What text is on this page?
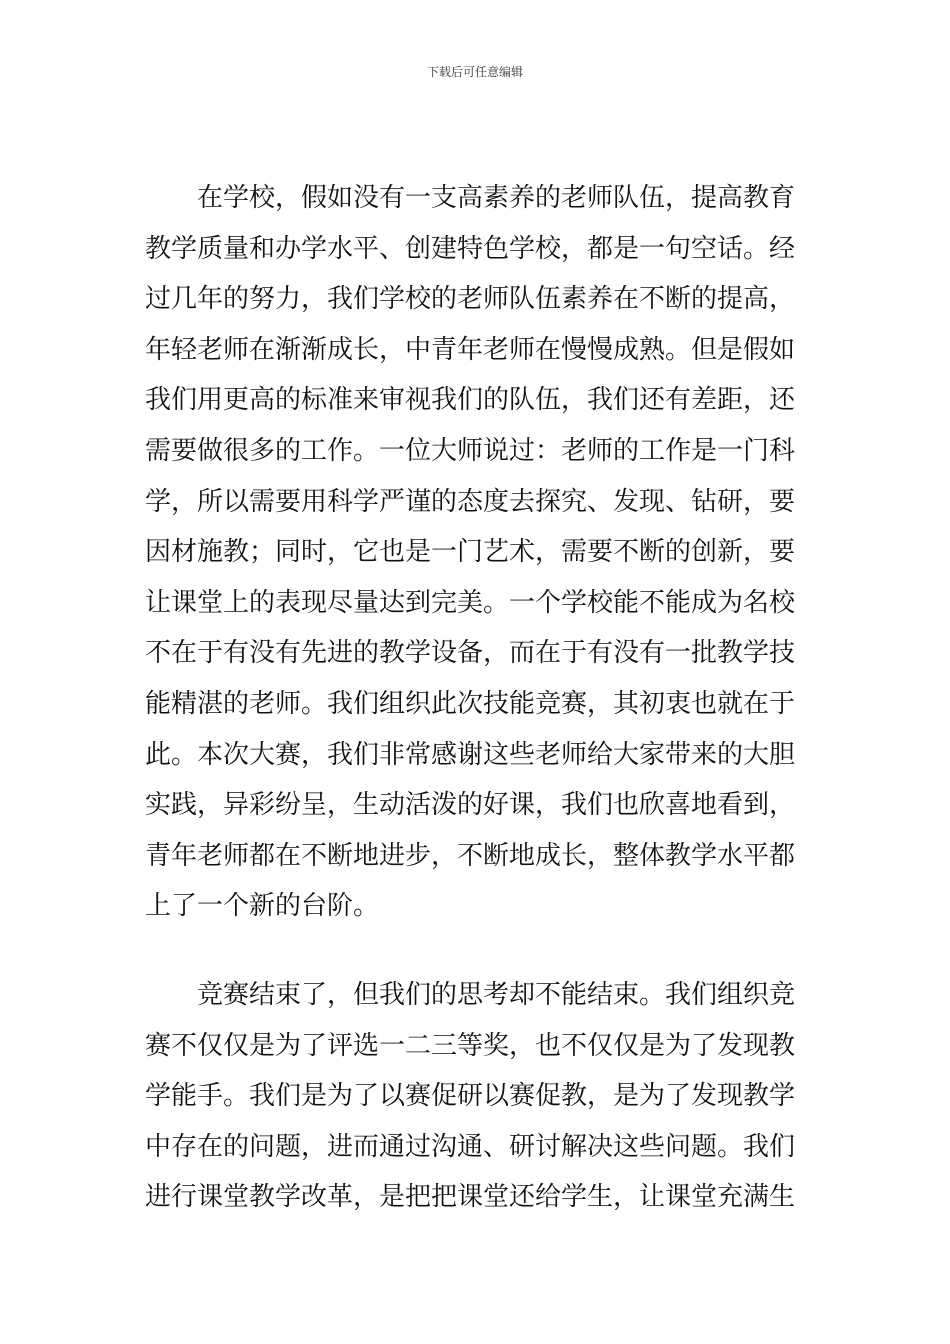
下载后可任意编辑
　　在学校，假如没有一支高素养的老师队伍，提高教育
教学质量和办学水平、创建特色学校，都是一句空话。经
过几年的努力，我们学校的老师队伍素养在不断的提高，
年轻老师在渐渐成长，中青年老师在慢慢成熟。但是假如
我们用更高的标准来审视我们的队伍，我们还有差距，还
需要做很多的工作。一位大师说过：老师的工作是一门科
学，所以需要用科学严谨的态度去探究、发现、钻研，要
因材施教；同时，它也是一门艺术，需要不断的创新，要
让课堂上的表现尽量达到完美。一个学校能不能成为名校
不在于有没有先进的教学设备，而在于有没有一批教学技
能精湛的老师。我们组织此次技能竞赛，其初衷也就在于
此。本次大赛，我们非常感谢这些老师给大家带来的大胆
实践，异彩纷呈，生动活泼的好课，我们也欣喜地看到，
青年老师都在不断地进步，不断地成长，整体教学水平都
上了一个新的台阶。
　　竞赛结束了，但我们的思考却不能结束。我们组织竞
赛不仅仅是为了评选一二三等奖，也不仅仅是为了发现教
学能手。我们是为了以赛促研以赛促教，是为了发现教学
中存在的问题，进而通过沟通、研讨解决这些问题。我们
进行课堂教学改革，是把把课堂还给学生，让课堂充满生
